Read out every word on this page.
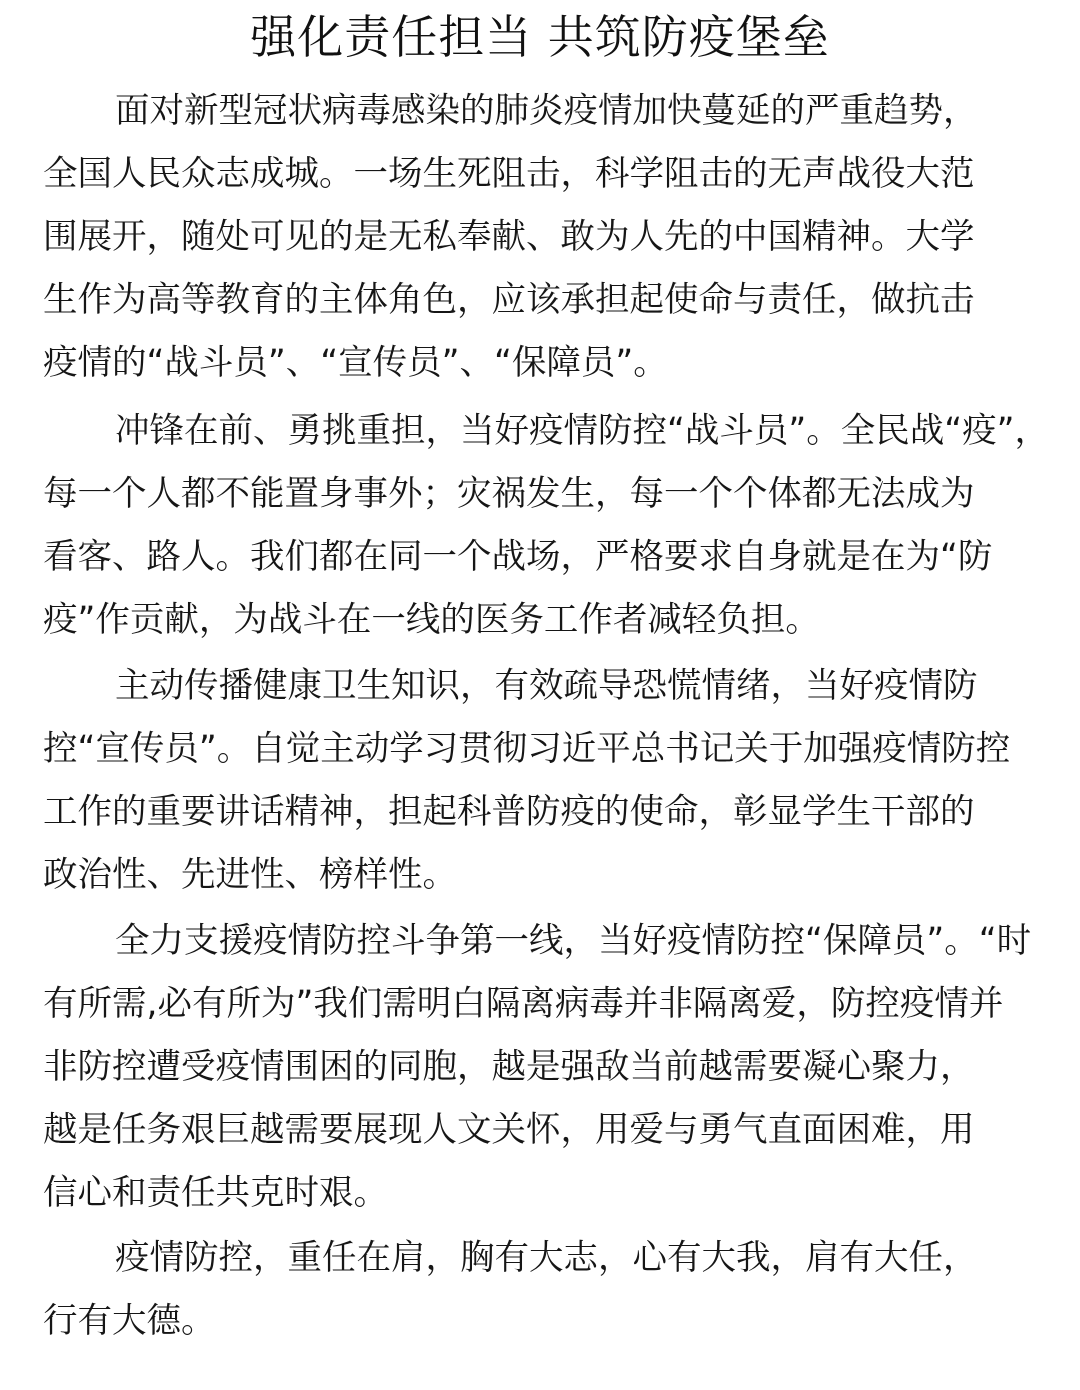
强化责任担当 共筑防疫堡垒
面对新型冠状病毒感染的肺炎疫情加快蔓延的严重趋势，
全国人民众志成城。一场生死阻击，科学阻击的无声战役大范
围展开，随处可见的是无私奉献、敢为人先的中国精神。大学
生作为高等教育的主体角色，应该承担起使命与责任，做抗击
疫情的“战斗员”、“宣传员”、“保障员”。
冲锋在前、勇挑重担，当好疫情防控“战斗员”。全民战“疫”，
每一个人都不能置身事外；灾祸发生，每一个个体都无法成为
看客、路人。我们都在同一个战场，严格要求自身就是在为“防
疫”作贡献，为战斗在一线的医务工作者减轻负担。
主动传播健康卫生知识，有效疏导恐慌情绪，当好疫情防
控“宣传员”。自觉主动学习贯彻习近平总书记关于加强疫情防控
工作的重要讲话精神，担起科普防疫的使命，彰显学生干部的
政治性、先进性、榜样性。
全力支援疫情防控斗争第一线，当好疫情防控“保障员”。“时
有所需,必有所为”我们需明白隔离病毒并非隔离爱，防控疫情并
非防控遭受疫情围困的同胞，越是强敌当前越需要凝心聚力，
越是任务艰巨越需要展现人文关怀，用爱与勇气直面困难，用
信心和责任共克时艰。
疫情防控，重任在肩，胸有大志，心有大我，肩有大任，
行有大德。
